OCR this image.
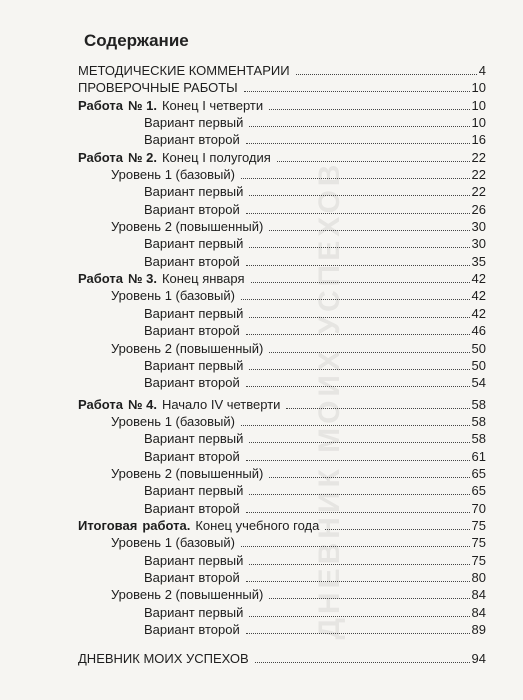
ДНЕВНИК МОИХ УСПЕХОВ
Содержание
МЕТОДИЧЕСКИЕ КОММЕНТАРИИ	4
ПРОВЕРОЧНЫЕ РАБОТЫ	10
Работа № 1. Конец I четверти	10
Вариант первый	10
Вариант второй	16
Работа № 2. Конец I полугодия	22
Уровень 1 (базовый)	22
Вариант первый	22
Вариант второй	26
Уровень 2 (повышенный)	30
Вариант первый	30
Вариант второй	35
Работа № 3. Конец января	42
Уровень 1 (базовый)	42
Вариант первый	42
Вариант второй	46
Уровень 2 (повышенный)	50
Вариант первый	50
Вариант второй	54
Работа № 4. Начало IV четверти	58
Уровень 1 (базовый)	58
Вариант первый	58
Вариант второй	61
Уровень 2 (повышенный)	65
Вариант первый	65
Вариант второй	70
Итоговая работа. Конец учебного года	75
Уровень 1 (базовый)	75
Вариант первый	75
Вариант второй	80
Уровень 2 (повышенный)	84
Вариант первый	84
Вариант второй	89
ДНЕВНИК МОИХ УСПЕХОВ	94
